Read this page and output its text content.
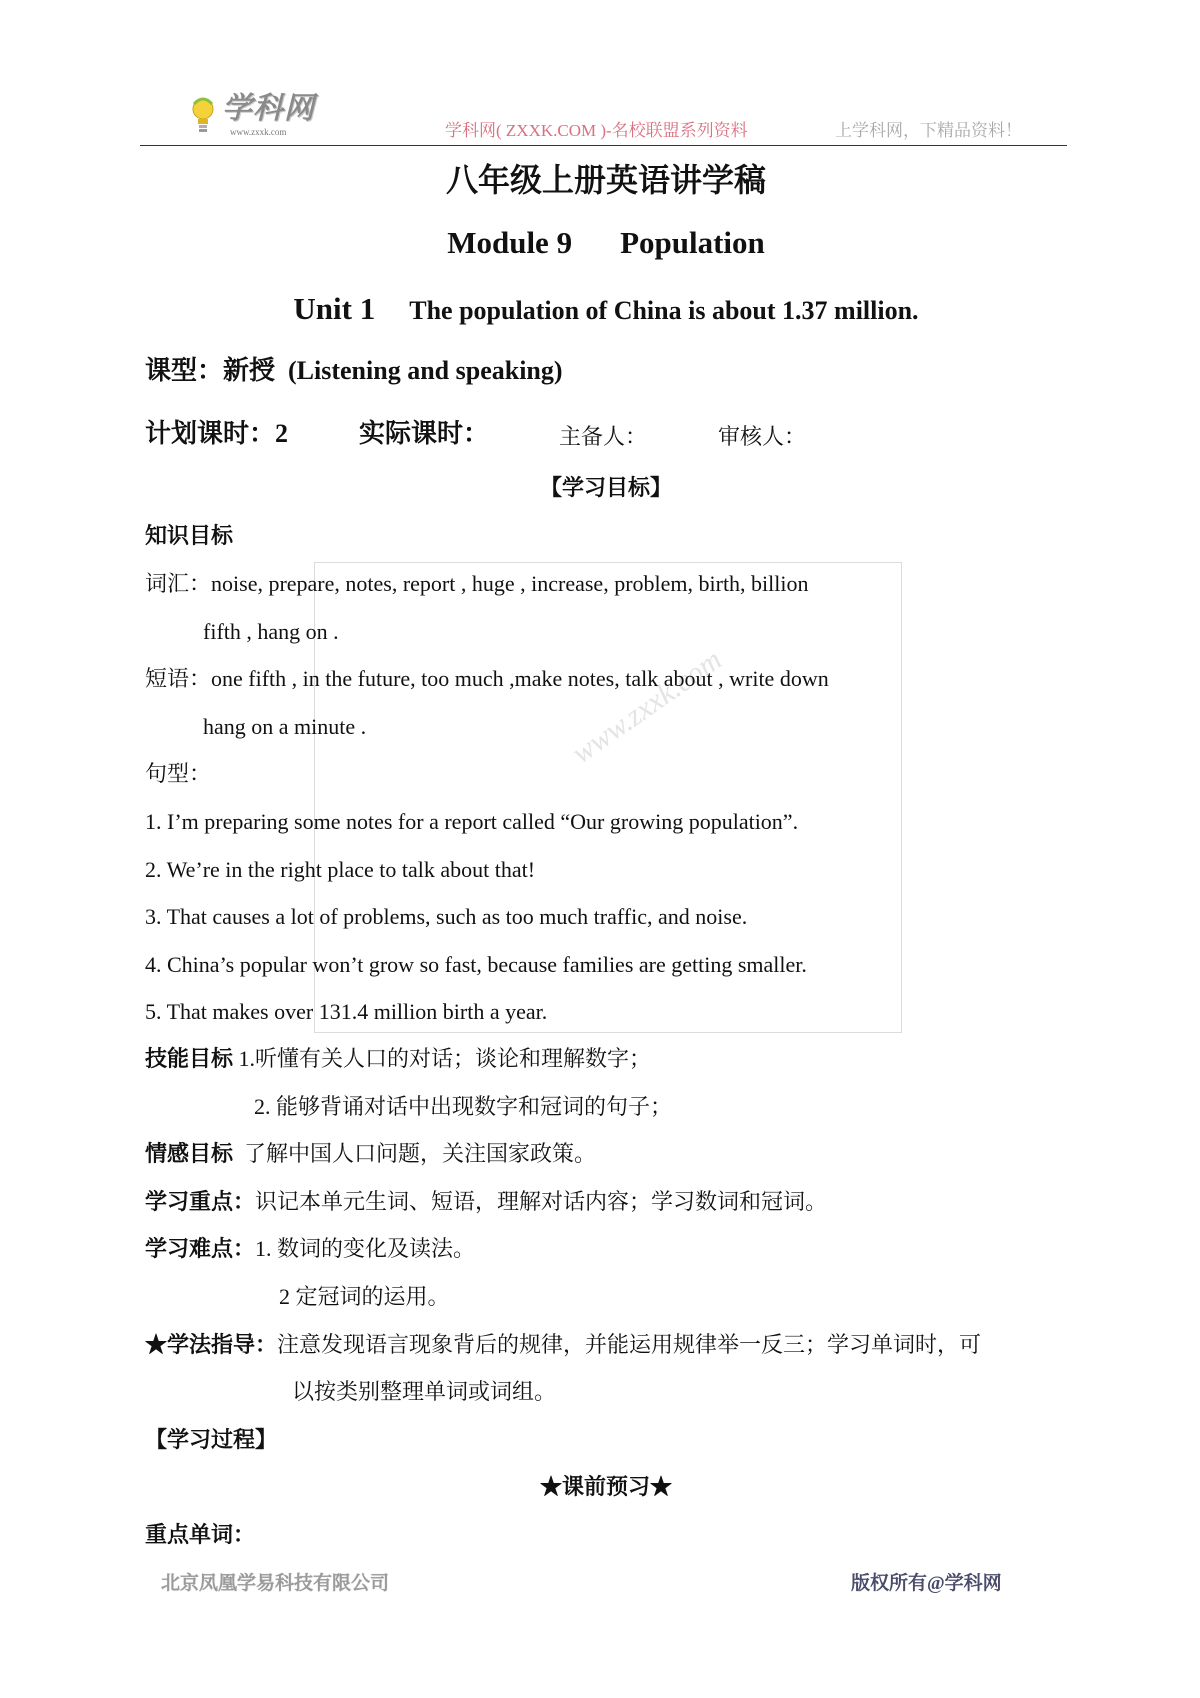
学科网
www.zxxk.com	学科网( ZXXK.COM )-名校联盟系列资料	上学科网，下精品资料！
www.zxxk.com
八年级上册英语讲学稿
Module 9 Population
Unit 1 The population of China is about 1.37 million.
课型：新授 (Listening and speaking)
计划课时：2	实际课时：	主备人：	审核人：
【学习目标】
知识目标
词汇：noise, prepare, notes, report , huge , increase, problem, birth, billion
fifth , hang on .
短语：one fifth , in the future, too much ,make notes, talk about , write down
hang on a minute .
句型：
1. I’m preparing some notes for a report called “Our growing population”.
2. We’re in the right place to talk about that!
3. That causes a lot of problems, such as too much traffic, and noise.
4. China’s popular won’t grow so fast, because families are getting smaller.
5. That makes over 131.4 million birth a year.
技能目标 1.听懂有关人口的对话；谈论和理解数字；
2. 能够背诵对话中出现数字和冠词的句子；
情感目标 了解中国人口问题，关注国家政策。
学习重点：识记本单元生词、短语，理解对话内容；学习数词和冠词。
学习难点：1. 数词的变化及读法。
2 定冠词的运用。
★学法指导：注意发现语言现象背后的规律，并能运用规律举一反三；学习单词时，可
以按类别整理单词或词组。
【学习过程】
★课前预习★
重点单词：
北京凤凰学易科技有限公司	版权所有@学科网
